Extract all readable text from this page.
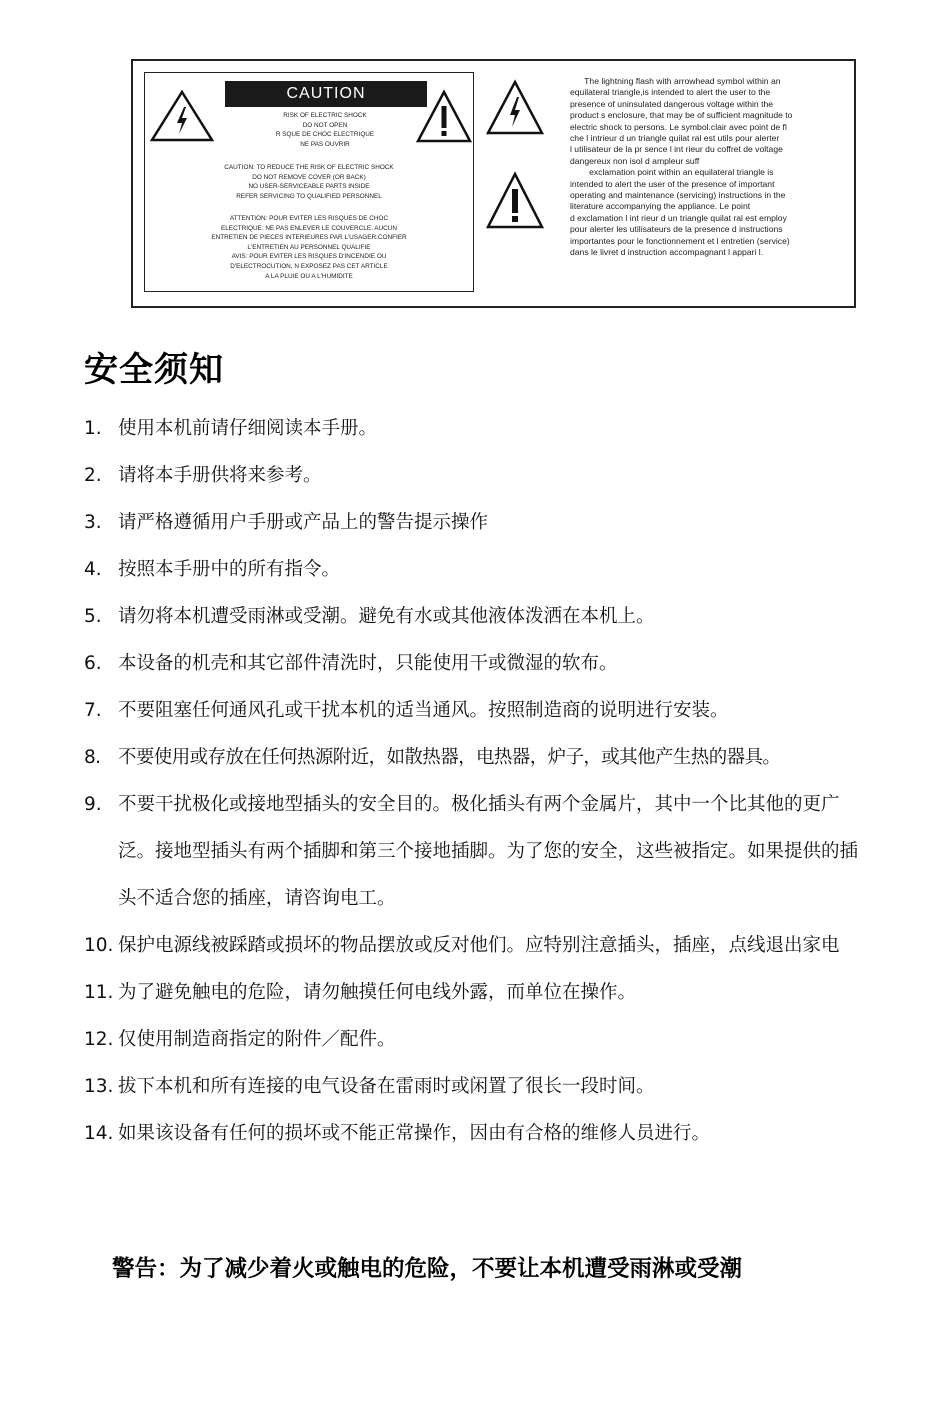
CAUTION
RISK OF ELECTRIC SHOCK
DO NOT OPEN
R SQUE DE CHOC ELECTRIQUE
NE PAS OUVRIR
CAUTION: TO REDUCE THE RISK OF ELECTRIC SHOCK
DO NOT REMOVE COVER (OR BACK)
NO USER-SERVICEABLE PARTS INSIDE
REFER SERVICING TO QUALIFIED PERSONNEL
ATTENTION: POUR EVITER LES RISQUES DE CHOC
ELECTRIQUE: NE PAS ENLEVER LE COUVERCLE. AUCUN
ENTRETIEN DE PIECES INTERIEURES PAR L'USAGER.CONFIER
L'ENTRETIEN AU PERSONNEL QUALIFIE
AVIS: POUR EVITER LES RISQUES D'INCENDIE OU
D'ELECTROCUTION, N EXPOSEZ PAS CET ARTICLE
A LA PLUIE OU A L'HUMIDITE
The lightning flash with arrowhead symbol within an
equilateral triangle,is intended to alert the user to the
presence of uninsulated dangerous voltage within the
product s enclosure, that may be of sufficient magnitude to
electric shock to persons. Le symbol.clair avec point de fl
che l intrieur d un triangle quilat ral est utils pour alerter
l utilisateur de la pr sence l int rieur du coffret de voltage
dangereux non isol d ampleur suff
exclamation point within an equilateral triangle is
intended to alert the user of the presence of important
operating and maintenance (servicing) instructions in the
literature accompanying the appliance. Le point
d exclamation l int rieur d un triangle quilat ral est employ
pour alerter les utilisateurs de la presence d instructions
importantes pour le fonctionnement et l entretien (service)
dans le livret d instruction accompagnant l appari l.
安全须知
1. 使用本机前请仔细阅读本手册。
2. 请将本手册供将来参考。
3. 请严格遵循用户手册或产品上的警告提示操作
4. 按照本手册中的所有指令。
5. 请勿将本机遭受雨淋或受潮。避免有水或其他液体泼洒在本机上。
6. 本设备的机壳和其它部件清洗时，只能使用干或微湿的软布。
7. 不要阻塞任何通风孔或干扰本机的适当通风。按照制造商的说明进行安装。
8. 不要使用或存放在任何热源附近，如散热器，电热器，炉子，或其他产生热的器具。
9. 不要干扰极化或接地型插头的安全目的。极化插头有两个金属片，其中一个比其他的更广泛。接地型插头有两个插脚和第三个接地插脚。为了您的安全，这些被指定。如果提供的插头不适合您的插座，请咨询电工。
10. 保护电源线被踩踏或损坏的物品摆放或反对他们。应特别注意插头，插座，点线退出家电
11. 为了避免触电的危险，请勿触摸任何电线外露，而单位在操作。
12. 仅使用制造商指定的附件／配件。
13. 拔下本机和所有连接的电气设备在雷雨时或闲置了很长一段时间。
14. 如果该设备有任何的损坏或不能正常操作，因由有合格的维修人员进行。

警告：为了减少着火或触电的危险，不要让本机遭受雨淋或受潮
